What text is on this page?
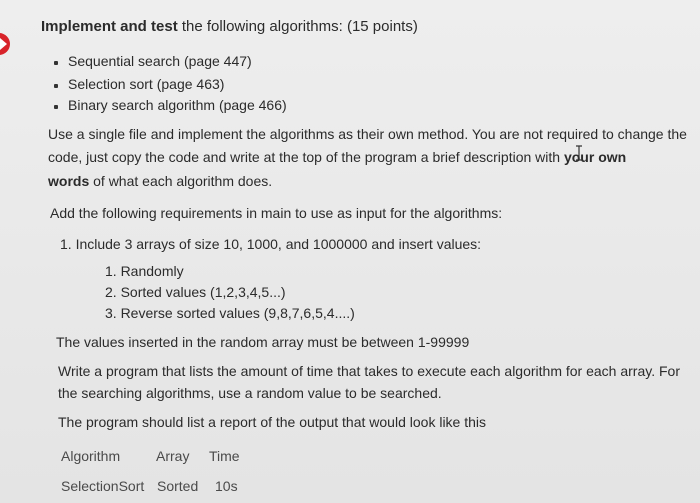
Implement and test the following algorithms: (15 points)
Sequential search (page 447)
Selection sort (page 463)
Binary search algorithm (page 466)
Use a single file and implement the algorithms as their own method. You are not required to change the
code, just copy the code and write at the top of the program a brief description with your own
words of what each algorithm does.
Add the following requirements in main to use as input for the algorithms:
1. Include 3 arrays of size 10, 1000, and 1000000 and insert values:
1. Randomly
2. Sorted values (1,2,3,4,5...)
3. Reverse sorted values (9,8,7,6,5,4....)
The values inserted in the random array must be between 1-99999
Write a program that lists the amount of time that takes to execute each algorithm for each array. For
the searching algorithms, use a random value to be searched.
The program should list a report of the output that would look like this
Algorithm	Array Time
SelectionSort Sorted 10s
